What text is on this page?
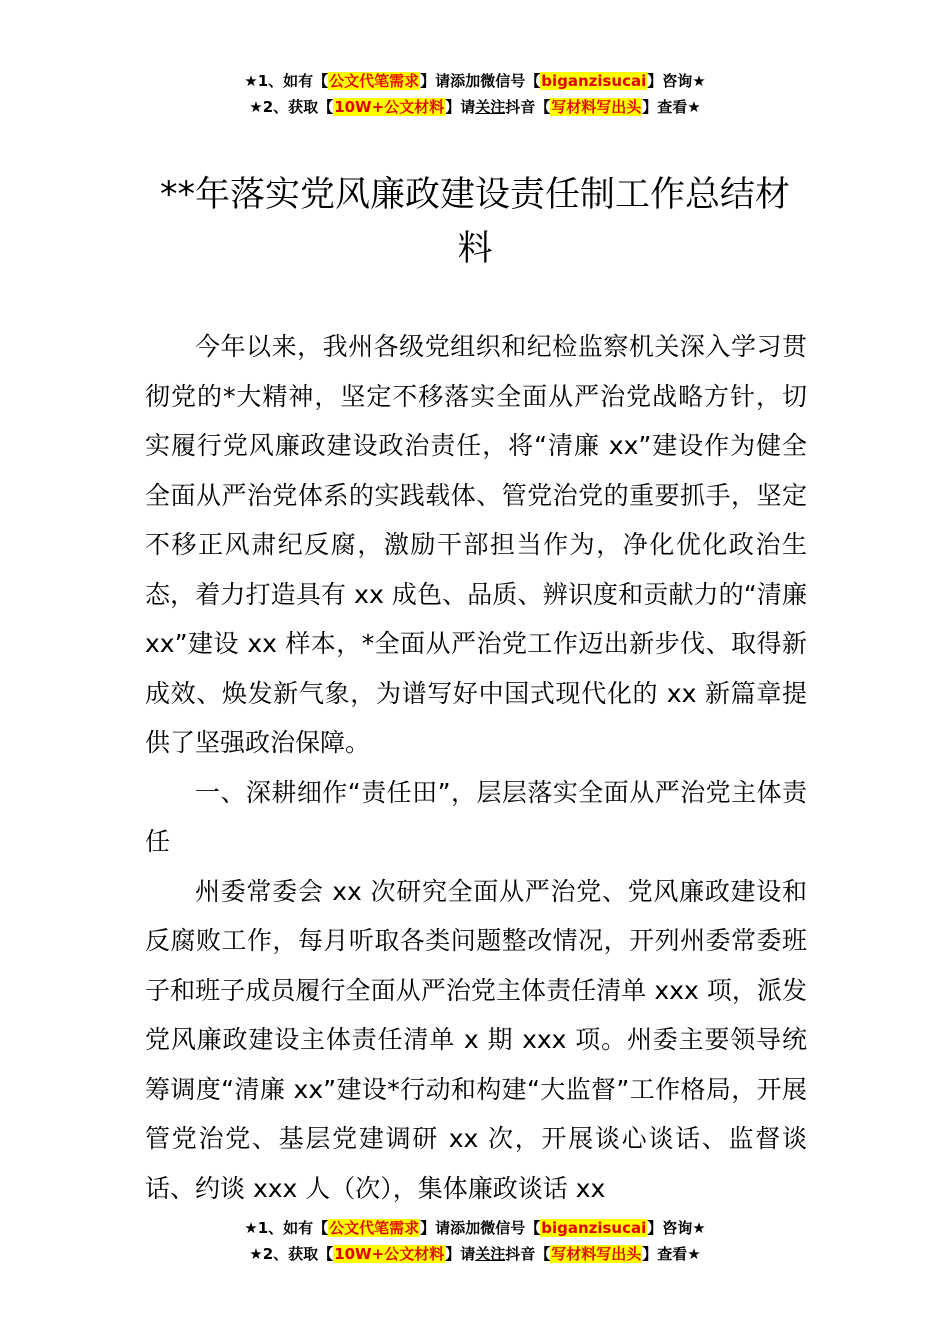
★1、如有【公文代笔需求】请添加微信号【biganzisucai】咨询★
★2、获取【10W+公文材料】请关注抖音【写材料写出头】查看★
**年落实党风廉政建设责任制工作总结材料

今年以来，我州各级党组织和纪检监察机关深入学习贯彻党的*大精神，坚定不移落实全面从严治党战略方针，切实履行党风廉政建设政治责任，将“清廉 xx”建设作为健全全面从严治党体系的实践载体、管党治党的重要抓手，坚定不移正风肃纪反腐，激励干部担当作为，净化优化政治生态，着力打造具有 xx 成色、品质、辨识度和贡献力的“清廉 xx”建设 xx 样本，*全面从严治党工作迈出新步伐、取得新成效、焕发新气象，为谱写好中国式现代化的 xx 新篇章提供了坚强政治保障。

一、深耕细作“责任田”，层层落实全面从严治党主体责任

州委常委会 xx 次研究全面从严治党、党风廉政建设和反腐败工作，每月听取各类问题整改情况，开列州委常委班子和班子成员履行全面从严治党主体责任清单 xxx 项，派发党风廉政建设主体责任清单 x 期 xxx 项。州委主要领导统筹调度“清廉 xx”建设*行动和构建“大监督”工作格局，开展管党治党、基层党建调研 xx 次，开展谈心谈话、监督谈话、约谈 xxx 人（次），集体廉政谈话 xx

★1、如有【公文代笔需求】请添加微信号【biganzisucai】咨询★
★2、获取【10W+公文材料】请关注抖音【写材料写出头】查看★
